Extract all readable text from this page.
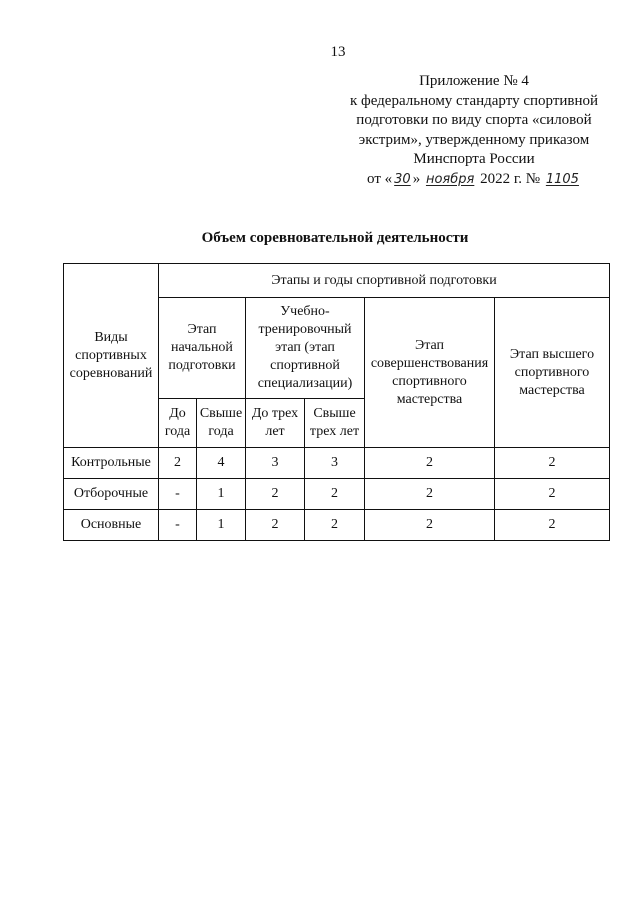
13
Приложение № 4
к федеральному стандарту спортивной
подготовки по виду спорта «силовой
экстрим», утвержденному приказом
Минспорта России
от « 30 » ноября 2022 г. № 1105
Объем соревновательной деятельности
Виды спортивных соревнований	Этапы и годы спортивной подготовки					
	Этап начальной подготовки		Учебно-тренировочный этап (этап спортивной специализации)		Этап совершенствования спортивного мастерства	Этап высшего спортивного мастерства
	До года	Свыше года	До трех лет	Свыше трех лет		
Контрольные	2	4	3	3	2	2
Отборочные	-	1	2	2	2	2
Основные	-	1	2	2	2	2
